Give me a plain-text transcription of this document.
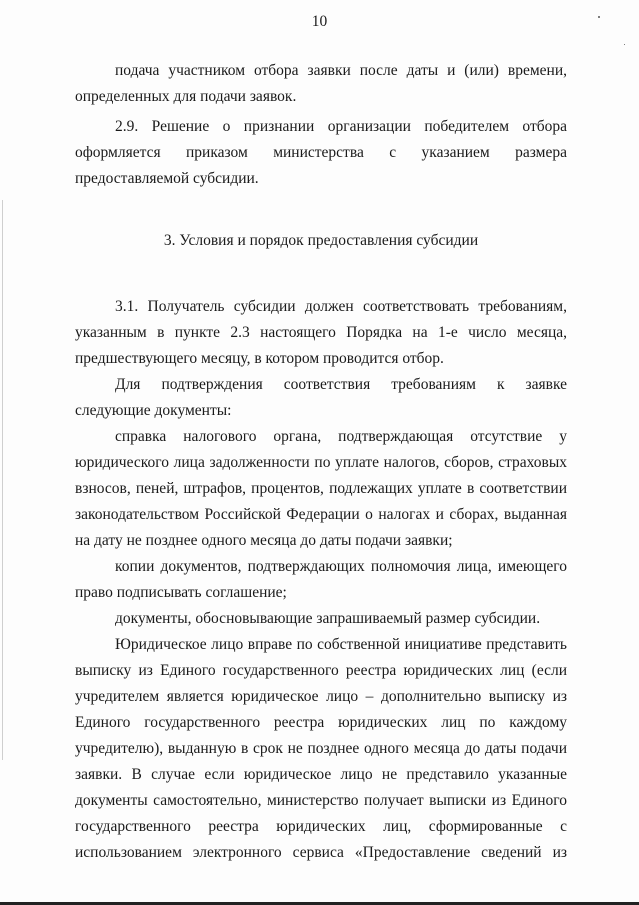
10
подача участником отбора заявки после даты и (или) времени,
определенных для подачи заявок.
2.9. Решение о признании организации победителем отбора
оформляется приказом министерства с указанием размера
предоставляемой субсидии.
3. Условия и порядок предоставления субсидии
3.1. Получатель субсидии должен соответствовать требованиям,
указанным в пункте 2.3 настоящего Порядка на 1-е число месяца,
предшествующего месяцу, в котором проводится отбор.
Для подтверждения соответствия требованиям к заявке
следующие документы:
справка налогового органа, подтверждающая отсутствие у
юридического лица задолженности по уплате налогов, сборов, страховых
взносов, пеней, штрафов, процентов, подлежащих уплате в соответствии
законодательством Российской Федерации о налогах и сборах, выданная
на дату не позднее одного месяца до даты подачи заявки;
копии документов, подтверждающих полномочия лица, имеющего
право подписывать соглашение;
документы, обосновывающие запрашиваемый размер субсидии.
Юридическое лицо вправе по собственной инициативе представить
выписку из Единого государственного реестра юридических лиц (если
учредителем является юридическое лицо – дополнительно выписку из
Единого государственного реестра юридических лиц по каждому
учредителю), выданную в срок не позднее одного месяца до даты подачи
заявки. В случае если юридическое лицо не представило указанные
документы самостоятельно, министерство получает выписки из Единого
государственного реестра юридических лиц, сформированные с
использованием электронного сервиса «Предоставление сведений из
